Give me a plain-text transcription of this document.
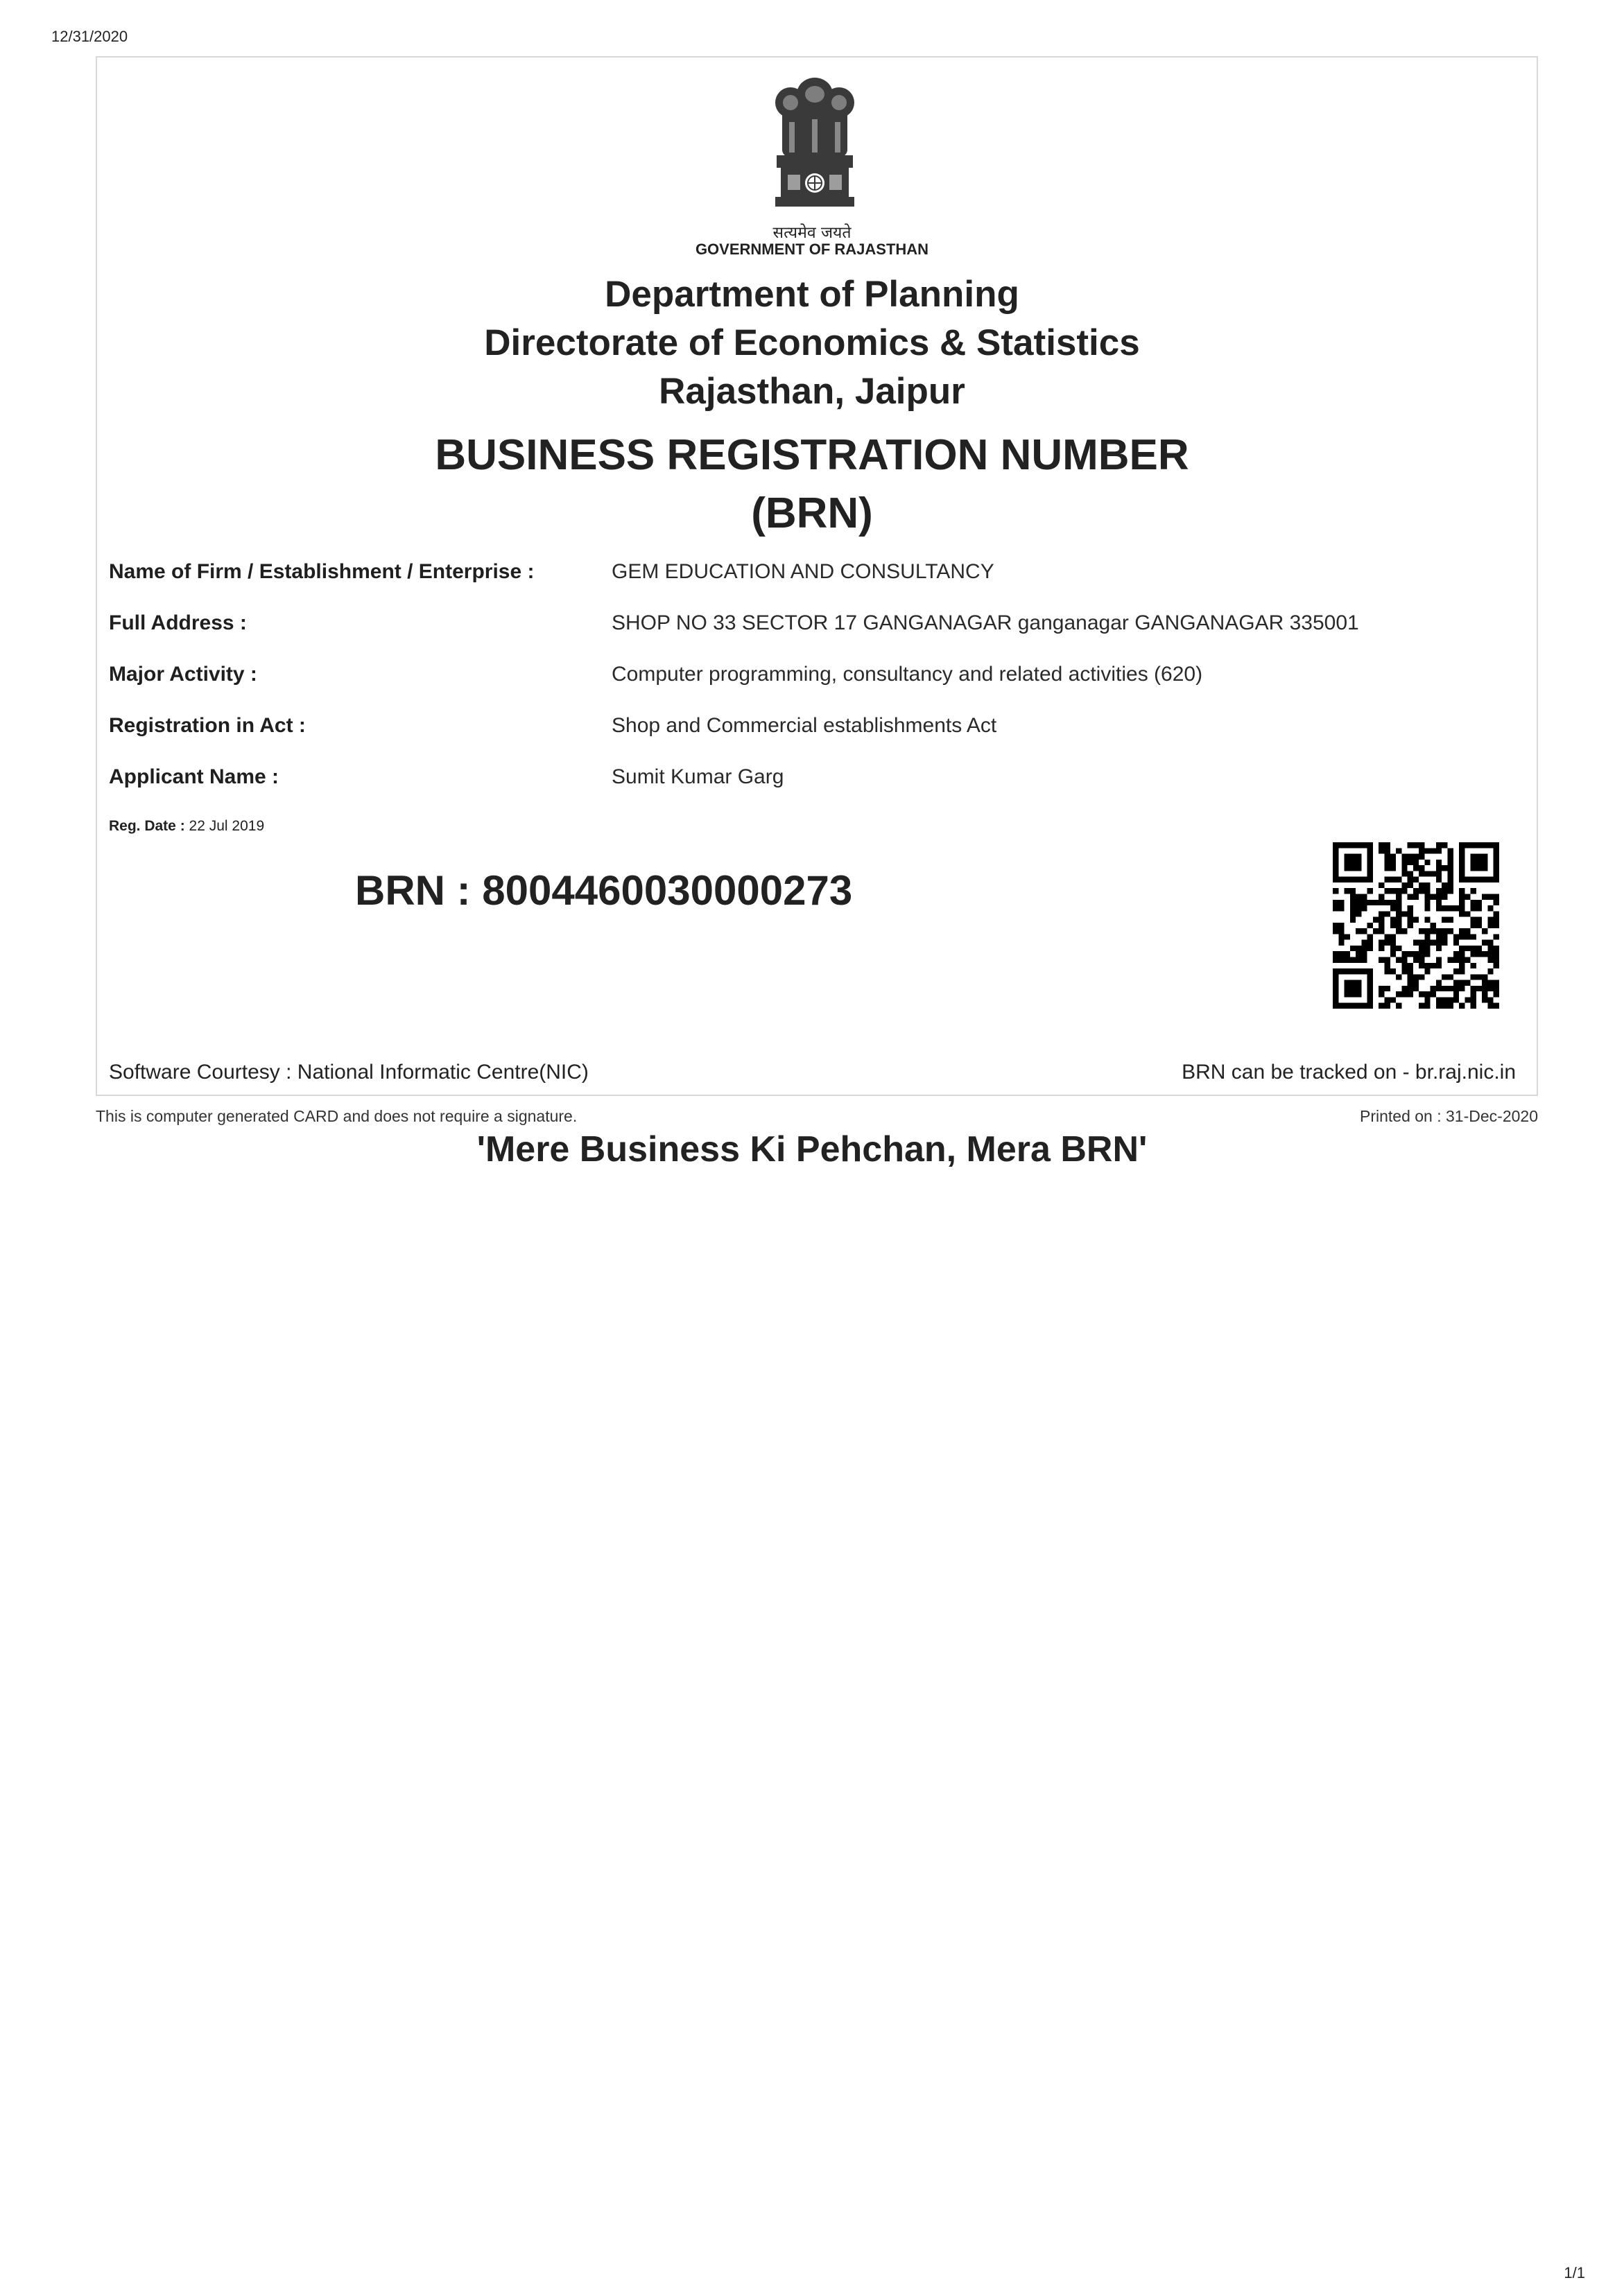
12/31/2020
सत्यमेव जयते
GOVERNMENT OF RAJASTHAN
Department of Planning
Directorate of Economics & Statistics
Rajasthan, Jaipur
BUSINESS REGISTRATION NUMBER
(BRN)
Name of Firm / Establishment / Enterprise :	GEM EDUCATION AND CONSULTANCY
Full Address :	SHOP NO 33 SECTOR 17 GANGANAGAR ganganagar GANGANAGAR 335001
Major Activity :	Computer programming, consultancy and related activities (620)
Registration in Act :	Shop and Commercial establishments Act
Applicant Name :	Sumit Kumar Garg
Reg. Date : 22 Jul 2019
BRN : 8004460030000273
Software Courtesy : National Informatic Centre(NIC)	BRN can be tracked on - br.raj.nic.in
This is computer generated CARD and does not require a signature.	Printed on : 31-Dec-2020
'Mere Business Ki Pehchan, Mera BRN'
1/1
